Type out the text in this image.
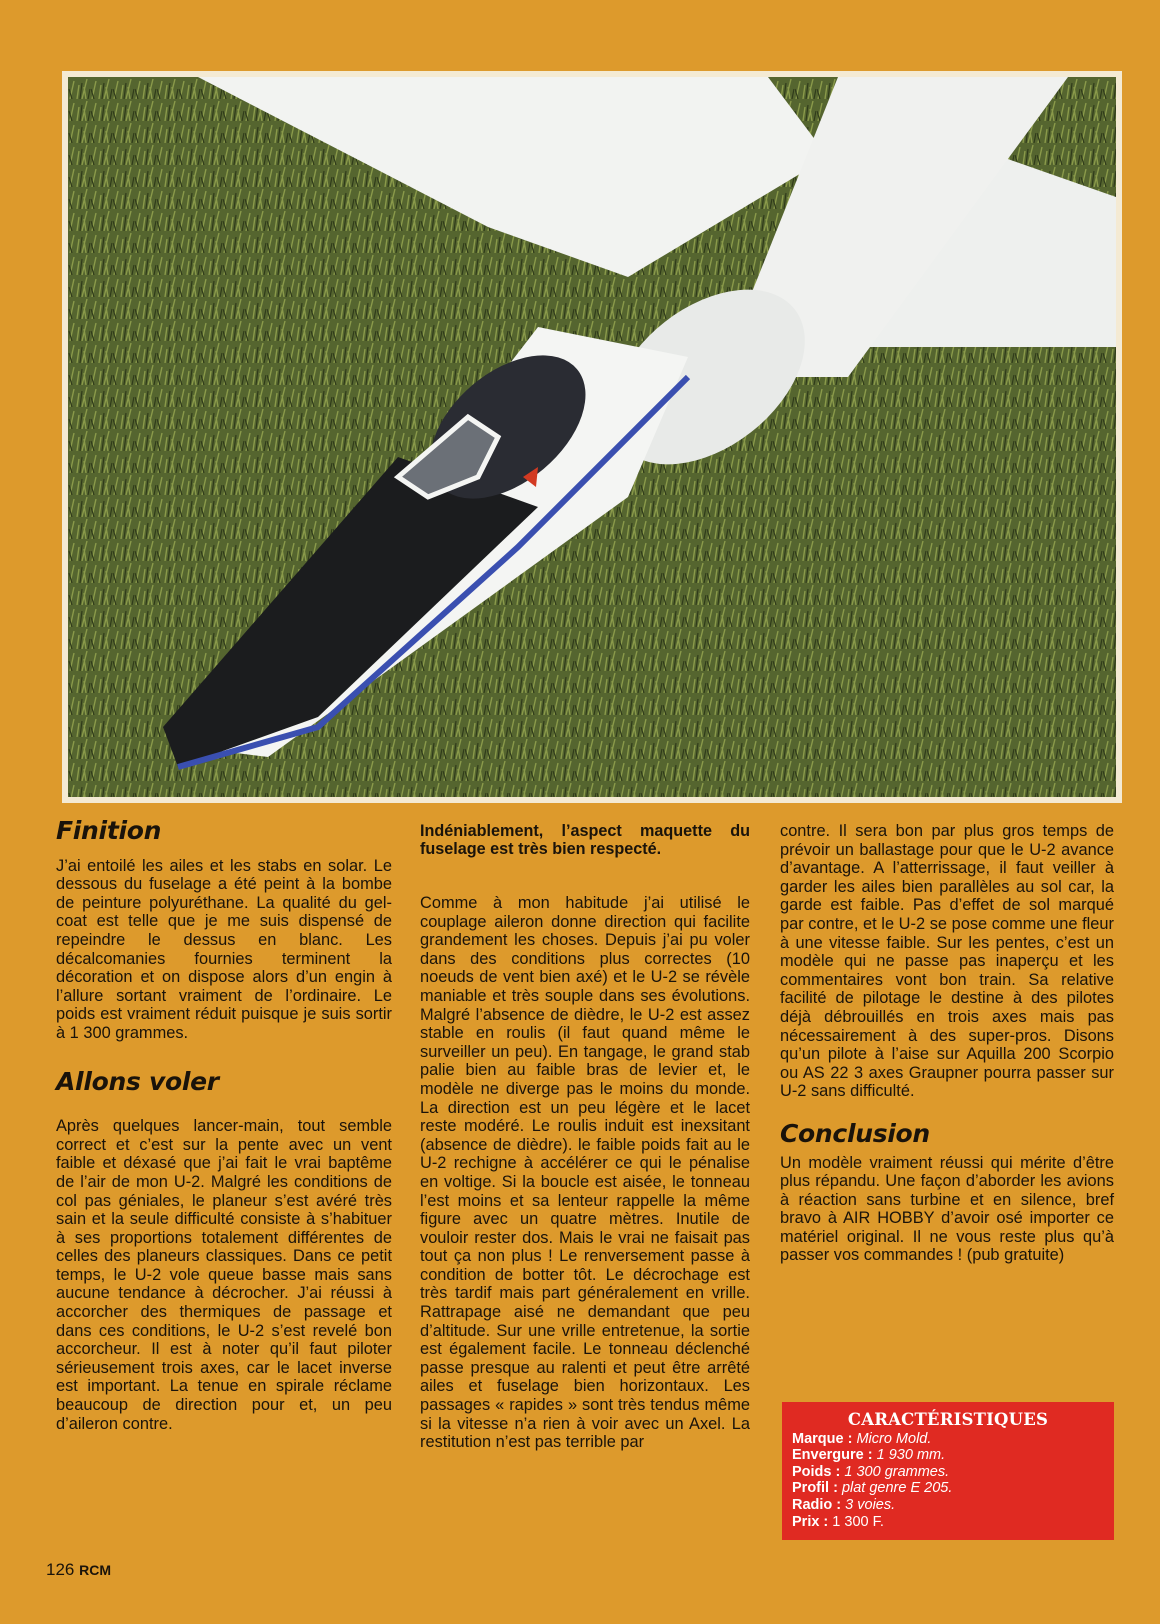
Finition

J’ai entoilé les ailes et les stabs en solar. Le dessous du fuselage a été peint à la bombe de peinture polyuréthane. La qualité du gel-coat est telle que je me suis dispensé de repeindre le dessus en blanc. Les décalcomanies fournies terminent la décoration et on dispose alors d’un engin à l’allure sortant vraiment de l’ordinaire. Le poids est vraiment réduit puisque je suis sortir à 1 300 grammes.

Allons voler

Après quelques lancer-main, tout semble correct et c’est sur la pente avec un vent faible et déxasé que j’ai fait le vrai baptême de l’air de mon U-2. Malgré les conditions de col pas géniales, le planeur s’est avéré très sain et la seule difficulté consiste à s’habituer à ses proportions totalement différentes de celles des planeurs classiques. Dans ce petit temps, le U-2 vole queue basse mais sans aucune tendance à décrocher. J’ai réussi à accorcher des thermiques de passage et dans ces conditions, le U-2 s’est revelé bon accorcheur. Il est à noter qu’il faut piloter sérieusement trois axes, car le lacet inverse est important. La tenue en spirale réclame beaucoup de direction pour et, un peu d’aileron contre.

Indéniablement, l’aspect maquette du fuselage est très bien respecté.

Comme à mon habitude j’ai utilisé le couplage aileron donne direction qui facilite grandement les choses. Depuis j’ai pu voler dans des conditions plus correctes (10 noeuds de vent bien axé) et le U-2 se révèle maniable et très souple dans ses évolutions. Malgré l’absence de dièdre, le U-2 est assez stable en roulis (il faut quand même le surveiller un peu). En tangage, le grand stab palie bien au faible bras de levier et, le modèle ne diverge pas le moins du monde. La direction est un peu légère et le lacet reste modéré. Le roulis induit est inexsitant (absence de dièdre). le faible poids fait au le U-2 rechigne à accélérer ce qui le pénalise en voltige. Si la boucle est aisée, le tonneau l’est moins et sa lenteur rappelle la même figure avec un quatre mètres. Inutile de vouloir rester dos. Mais le vrai ne faisait pas tout ça non plus ! Le renversement passe à condition de botter tôt. Le décrochage est très tardif mais part généralement en vrille. Rattrapage aisé ne demandant que peu d’altitude. Sur une vrille entretenue, la sortie est également facile. Le tonneau déclenché passe presque au ralenti et peut être arrêté ailes et fuselage bien horizontaux. Les passages « rapides » sont très tendus même si la vitesse n’a rien à voir avec un Axel. La restitution n’est pas terrible par

contre. Il sera bon par plus gros temps de prévoir un ballastage pour que le U-2 avance d’avantage. A l’atterrissage, il faut veiller à garder les ailes bien parallèles au sol car, la garde est faible. Pas d’effet de sol marqué par contre, et le U-2 se pose comme une fleur à une vitesse faible. Sur les pentes, c’est un modèle qui ne passe pas inaperçu et les commentaires vont bon train. Sa relative facilité de pilotage le destine à des pilotes déjà débrouillés en trois axes mais pas nécessairement à des super-pros. Disons qu’un pilote à l’aise sur Aquilla 200 Scorpio ou AS 22 3 axes Graupner pourra passer sur U-2 sans difficulté.

Conclusion

Un modèle vraiment réussi qui mérite d’être plus répandu. Une façon d’aborder les avions à réaction sans turbine et en silence, bref bravo à AIR HOBBY d’avoir osé importer ce matériel original. Il ne vous reste plus qu’à passer vos commandes ! (pub gratuite)

CARACTÉRISTIQUES
Marque : Micro Mold.
Envergure : 1 930 mm.
Poids : 1 300 grammes.
Profil : plat genre E 205.
Radio : 3 voies.
Prix : 1 300 F.
126 RCM
